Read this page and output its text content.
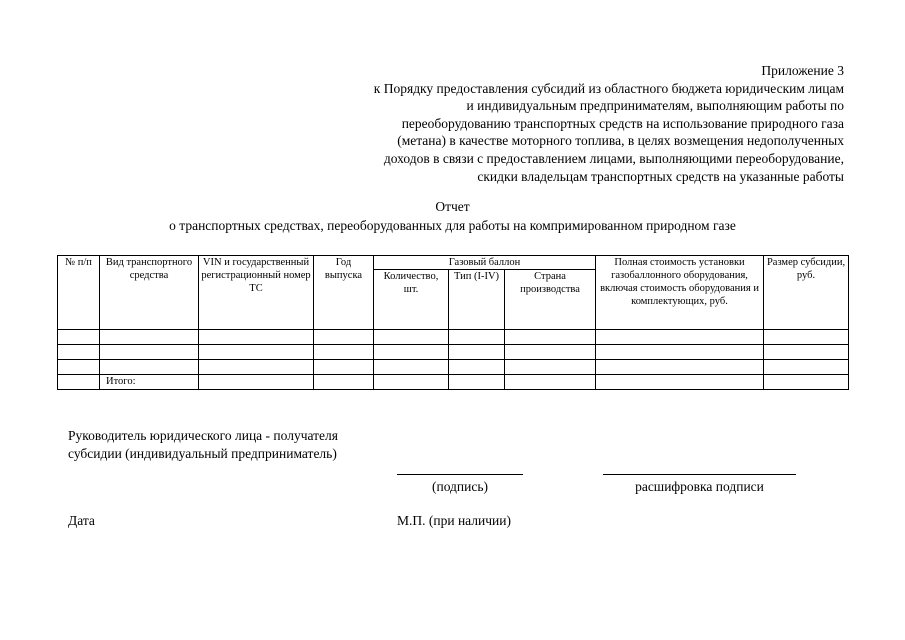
Приложение 3
к Порядку предоставления субсидий из областного бюджета юридическим лицам
и индивидуальным предпринимателям, выполняющим работы по
переоборудованию транспортных средств на использование природного газа
(метана) в качестве моторного топлива, в целях возмещения недополученных
доходов в связи с предоставлением лицами, выполняющими переоборудование,
скидки владельцам транспортных средств на указанные работы
Отчет
о транспортных средствах, переоборудованных для работы на компримированном природном газе
№ п/п	Вид транспортного средства	VIN и государственный регистрационный номер ТС	Год выпуска	Газовый баллон			Полная стоимость установки газобаллонного оборудования, включая стоимость оборудования и комплектующих, руб.	Размер субсидии, руб.
				Количество, шт.	Тип (I-IV)	Страна производства		

	Итого:							
Руководитель юридического лица - получателя субсидии (индивидуальный предприниматель)
(подпись)	расшифровка подписи
Дата	М.П. (при наличии)
